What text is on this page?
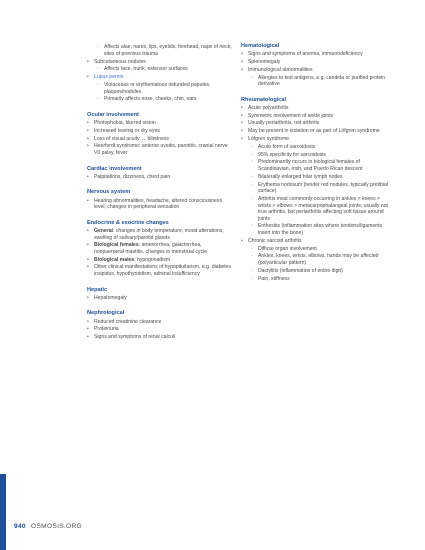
◦ Affects alae, nares, lips, eyelids, forehead, nape of neck; sites of previous trauma
• Subcutaneous nodules
◦ Affects face, trunk, extensor surfaces
• Lupus pernio
◦ Violaceous or erythematous indurated papules, plaques/nodules
◦ Primarily affects nose, cheeks, chin, ears
Ocular involvement
• Photophobia, blurred vision
• Increased tearing or dry eyes
• Loss of visual acuity → blindness
• Heerfordt syndrome: anterior uveitis, parotitis, cranial nerve VII palsy, fever
Cardiac involvement
• Palpitations, dizziness, chest pain
Nervous system
• Hearing abnormalities, headache, altered consciousness level, changes in peripheral sensation
Endocrine & exocrine changes
• General: changes in body temperature, mood alterations, swelling of salivary/parotid glands
• Biological females: amenorrhea, galactorrhea, nonpuerperal mastitis, changes in menstrual cycle
• Biological males: hypogonadism
• Other clinical manifestations of hypopituitarism, e.g. diabetes insipidus, hypothyroidism, adrenal insufficiency
Hepatic
• Hepatomegaly
Nephrological
• Reduced creatinine clearance
• Proteinuria
• Signs and symptoms of renal calculi
Hematological
• Signs and symptoms of anemia, immunodeficiency
• Splenomegaly
• Immunological abnormalities
◦ Allergies to test antigens, e.g. candida or purified protein derivative
Rheumatological
• Acute polyarthritis
• Symmetric involvement of ankle joints
• Usually periarthritis, not arthritis
• May be present in isolation or as part of Löfgren syndrome
• Löfgren syndrome
◦ Acute form of sarcoidosis
◦ 95% specificity for sarcoidosis
◦ Predominantly occurs in biological females of Scandinavian, Irish, and Puerto Rican descent
◦ Bilaterally enlarged hilar lymph nodes
◦ Erythema nodosum (tender red nodules, typically pretibial surface)
◦ Arthritis most commonly occurring in ankles > knees > wrists > elbows > metacarpophalangeal joints; usually not true arthritis, but periarthritis affecting soft tissue around joints
◦ Enthesitis (inflammation sites where tendons/ligaments insert into the bone)
• Chronic sarcoid arthritis
◦ Diffuse organ involvement
◦ Ankles, knees, wrists, elbows, hands may be affected (polyarticular pattern)
◦ Dactylitis (inflammation of entire digit)
◦ Pain, stiffness
940 OSMOSIS.ORG
